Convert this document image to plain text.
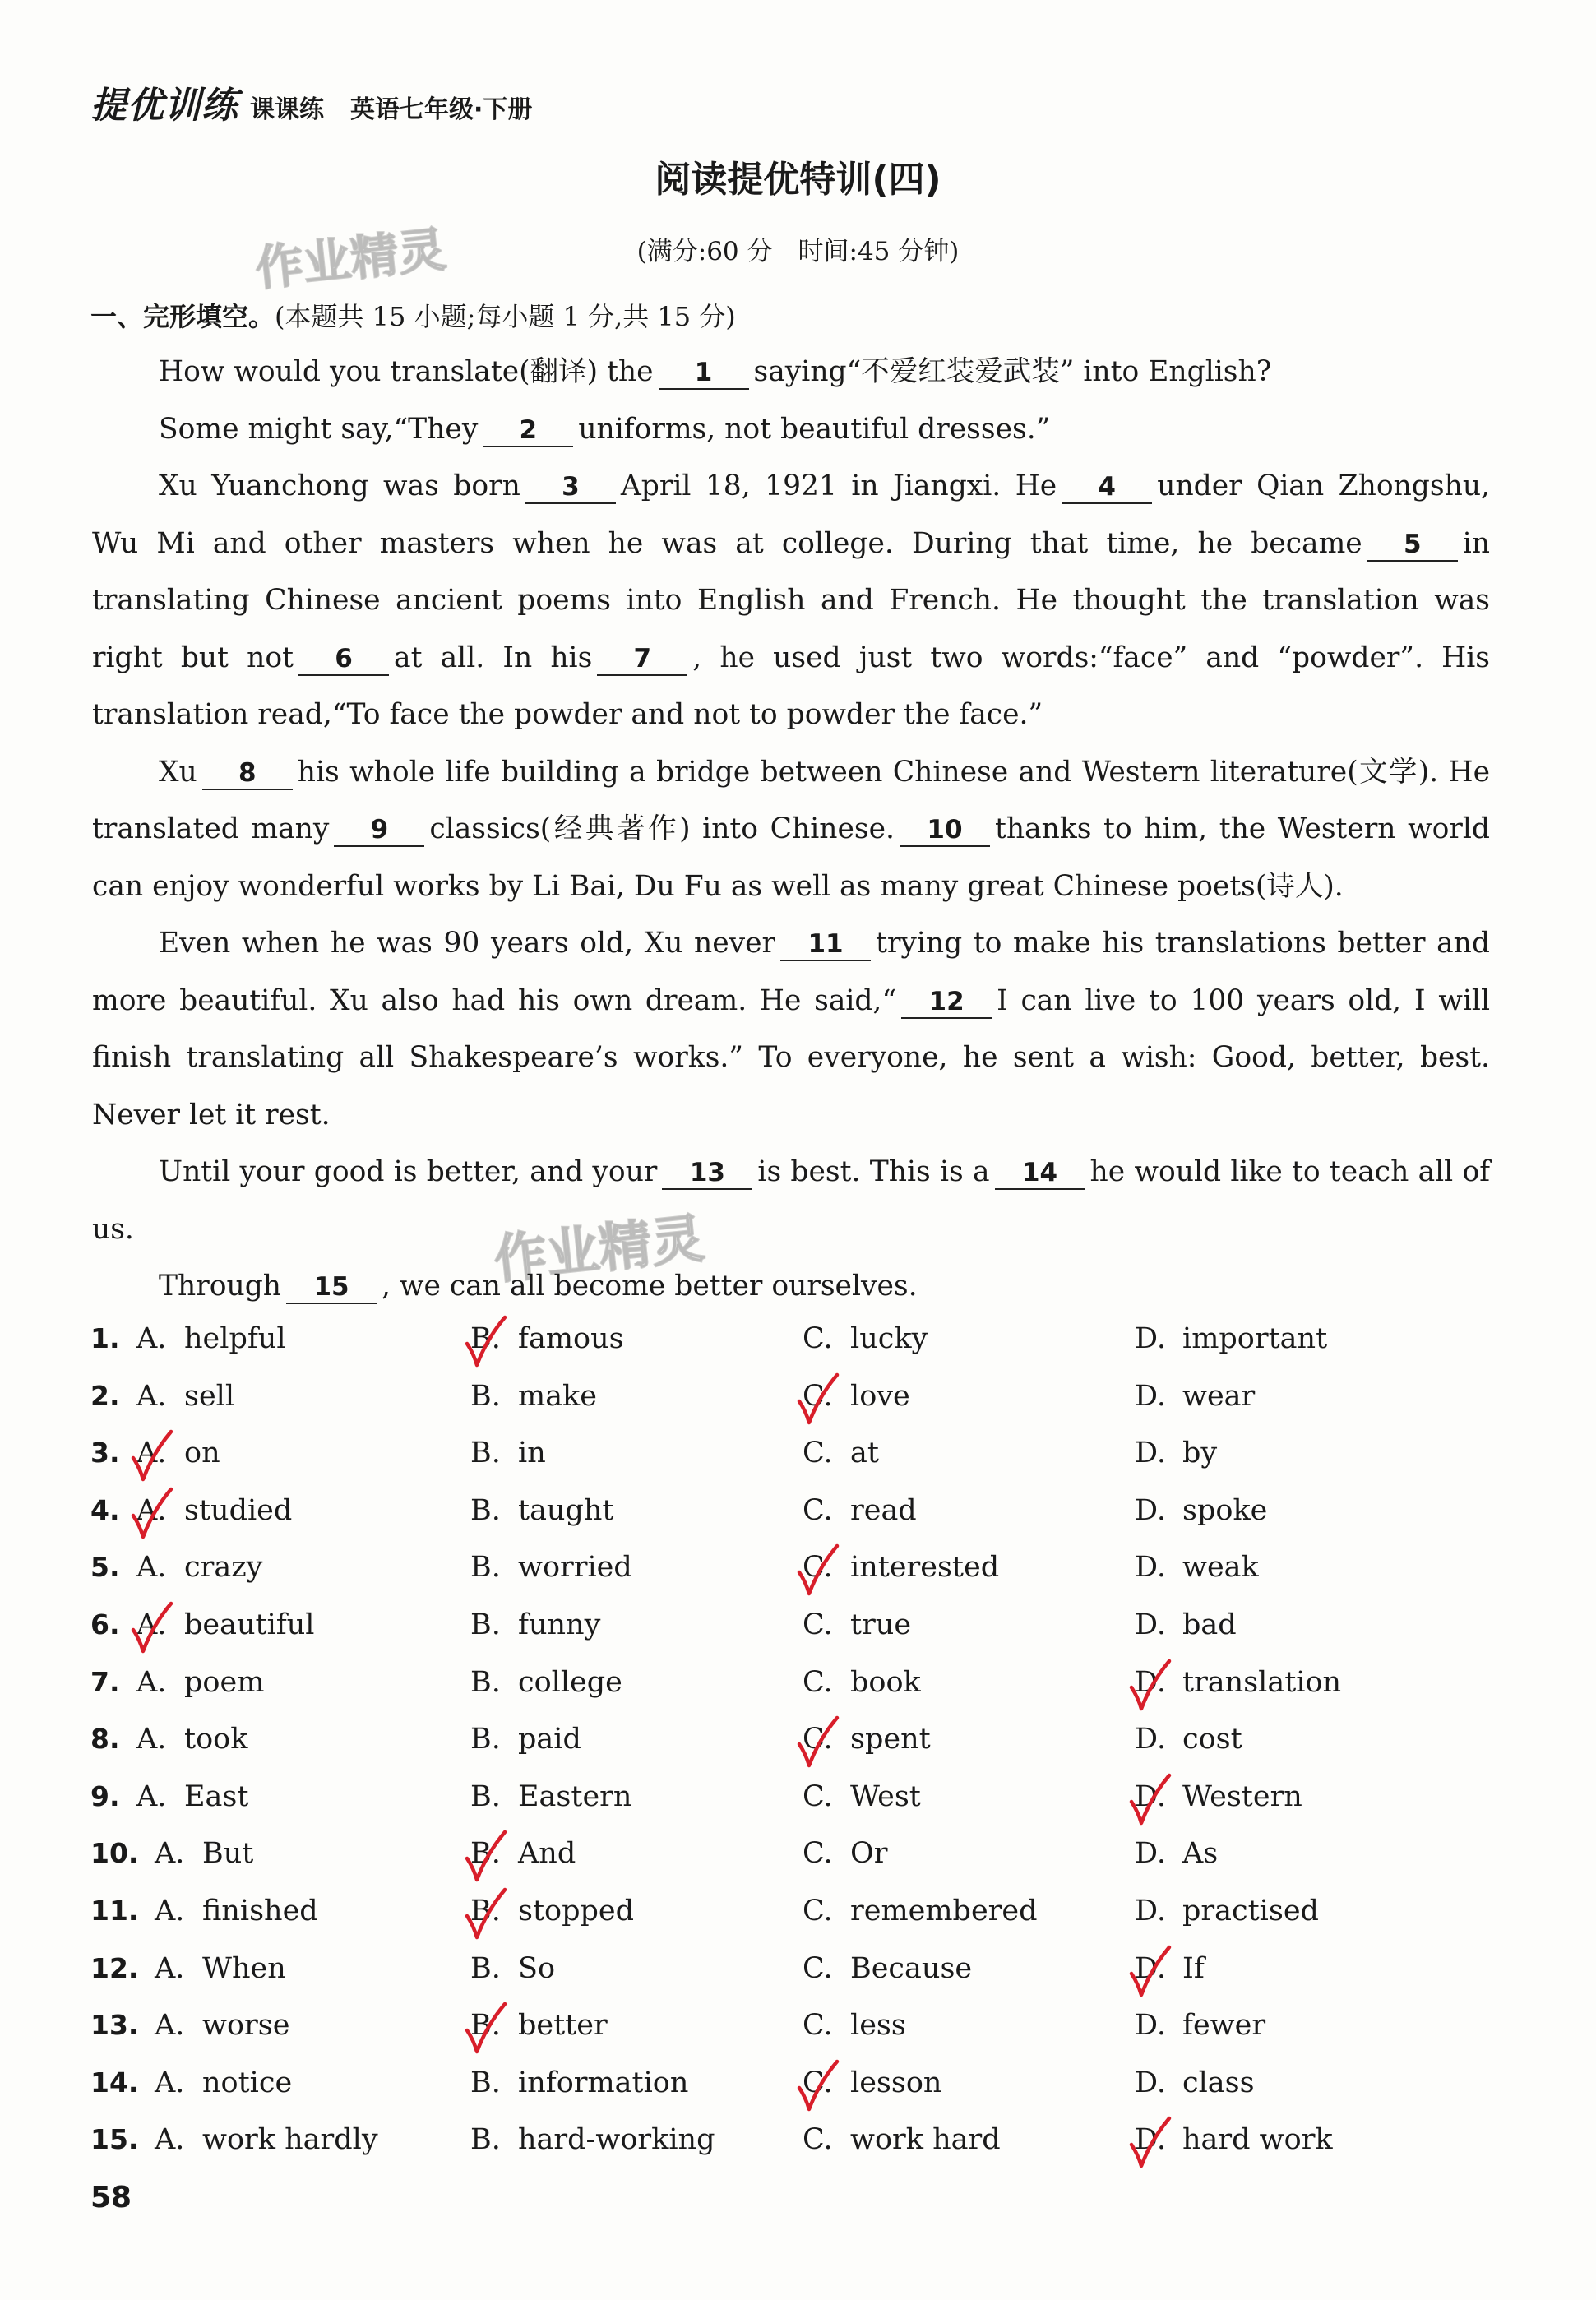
提优训练 课课练 英语七年级·下册
阅读提优特训(四)
(满分:60 分　时间:45 分钟)
作业精灵
作业精灵
一、完形填空。(本题共 15 小题;每小题 1 分,共 15 分)

How would you translate(翻译) the 1 saying“不爱红装爱武装” into English?

Some might say,“They 2 uniforms, not beautiful dresses.”

Xu Yuanchong was born 3 April 18, 1921 in Jiangxi. He 4 under Qian Zhongshu, Wu Mi and other masters when he was at college. During that time, he became 5 in translating Chinese ancient poems into English and French. He thought the translation was right but not 6 at all. In his 7 , he used just two words:“face” and “powder”. His translation read,“To face the powder and not to powder the face.”

Xu 8 his whole life building a bridge between Chinese and Western literature(文学). He translated many 9 classics(经典著作) into Chinese. 10 thanks to him, the Western world can enjoy wonderful works by Li Bai, Du Fu as well as many great Chinese poets(诗人).

Even when he was 90 years old, Xu never 11 trying to make his translations better and more beautiful. Xu also had his own dream. He said,“ 12 I can live to 100 years old, I will finish translating all Shakespeare’s works.” To everyone, he sent a wish: Good, better, best. Never let it rest.

Until your good is better, and your 13 is best. This is a 14 he would like to teach all of us.

Through 15 , we can all become better ourselves.

1. A. helpful	B. famous	C. lucky	D. important
2. A. sell	B. make	C. love	D. wear
3. A. on	B. in	C. at	D. by
4. A. studied	B. taught	C. read	D. spoke
5. A. crazy	B. worried	C. interested	D. weak
6. A. beautiful	B. funny	C. true	D. bad
7. A. poem	B. college	C. book	D. translation
8. A. took	B. paid	C. spent	D. cost
9. A. East	B. Eastern	C. West	D. Western
10. A. But	B. And	C. Or	D. As
11. A. finished	B. stopped	C. remembered	D. practised
12. A. When	B. So	C. Because	D. If
13. A. worse	B. better	C. less	D. fewer
14. A. notice	B. information	C. lesson	D. class
15. A. work hardly	B. hard-working	C. work hard	D. hard work
58
